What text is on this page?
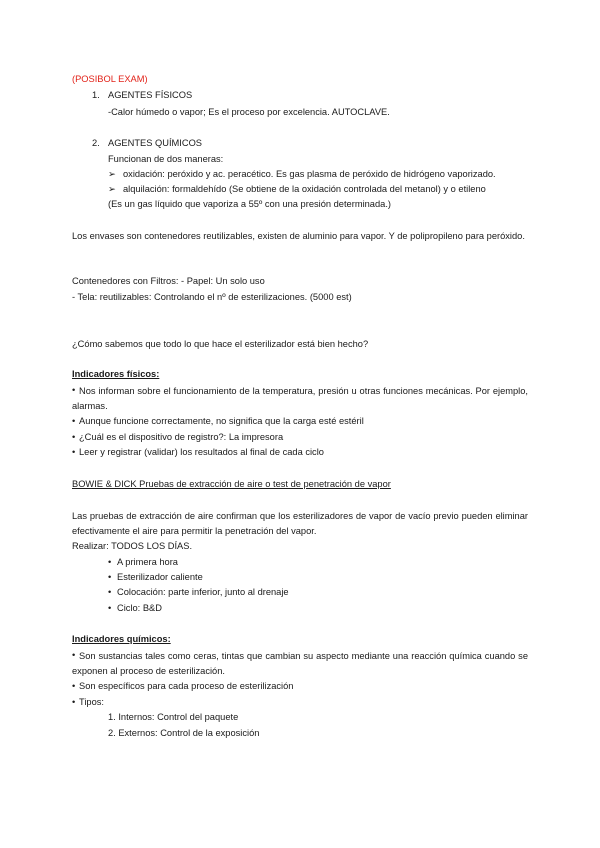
(POSIBOL EXAM)
1. AGENTES FÍSICOS
-Calor húmedo o vapor; Es el proceso por excelencia. AUTOCLAVE.
2. AGENTES QUÍMICOS
Funcionan de dos maneras:
➢ oxidación: peróxido y ac. peracético. Es gas plasma de peróxido de hidrógeno vaporizado.
➢ alquilación: formaldehído (Se obtiene de la oxidación controlada del metanol) y o etileno
(Es un gas líquido que vaporiza a 55º con una presión determinada.)
Los envases son contenedores reutilizables, existen de aluminio para vapor. Y de polipropileno para peróxido.
Contenedores con Filtros: - Papel: Un solo uso
- Tela: reutilizables: Controlando el nº de esterilizaciones. (5000 est)
¿Cómo sabemos que todo lo que hace el esterilizador está bien hecho?
Indicadores físicos:
• Nos informan sobre el funcionamiento de la temperatura, presión u otras funciones mecánicas. Por ejemplo, alarmas.
• Aunque funcione correctamente, no significa que la carga esté estéril
• ¿Cuál es el dispositivo de registro?: La impresora
• Leer y registrar (validar) los resultados al final de cada ciclo
BOWIE & DICK Pruebas de extracción de aire o test de penetración de vapor
Las pruebas de extracción de aire confirman que los esterilizadores de vapor de vacío previo pueden eliminar efectivamente el aire para permitir la penetración del vapor.
Realizar: TODOS LOS DÍAS.
• A primera hora
• Esterilizador caliente
• Colocación: parte inferior, junto al drenaje
• Ciclo: B&D
Indicadores químicos:
• Son sustancias tales como ceras, tintas que cambian su aspecto mediante una reacción química cuando se exponen al proceso de esterilización.
• Son específicos para cada proceso de esterilización
• Tipos:
1. Internos: Control del paquete
2. Externos: Control de la exposición
